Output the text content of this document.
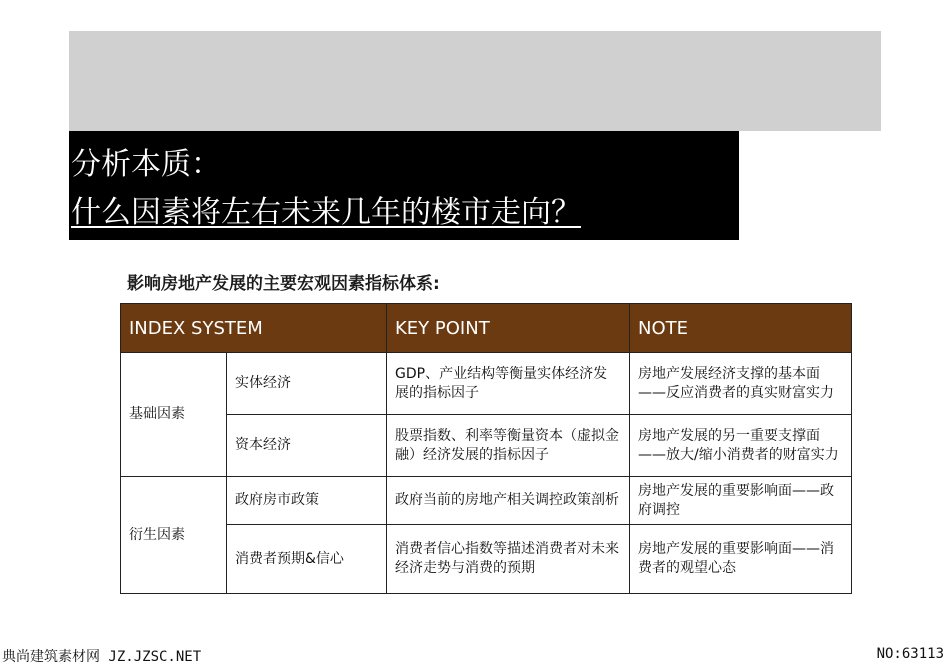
分析本质：
什么因素将左右未来几年的楼市走向？
影响房地产发展的主要宏观因素指标体系:
INDEX SYSTEM		KEY POINT	NOTE
基础因素	实体经济	GDP、产业结构等衡量实体经济发展的指标因子	房地产发展经济支撑的基本面——反应消费者的真实财富实力
	资本经济	股票指数、利率等衡量资本（虚拟金融）经济发展的指标因子	房地产发展的另一重要支撑面——放大/缩小消费者的财富实力
衍生因素	政府房市政策	政府当前的房地产相关调控政策剖析	房地产发展的重要影响面——政府调控
	消费者预期&信心	消费者信心指数等描述消费者对未来经济走势与消费的预期	房地产发展的重要影响面——消费者的观望心态
典尚建筑素材网 JZ.JZSC.NET	NO:63113
